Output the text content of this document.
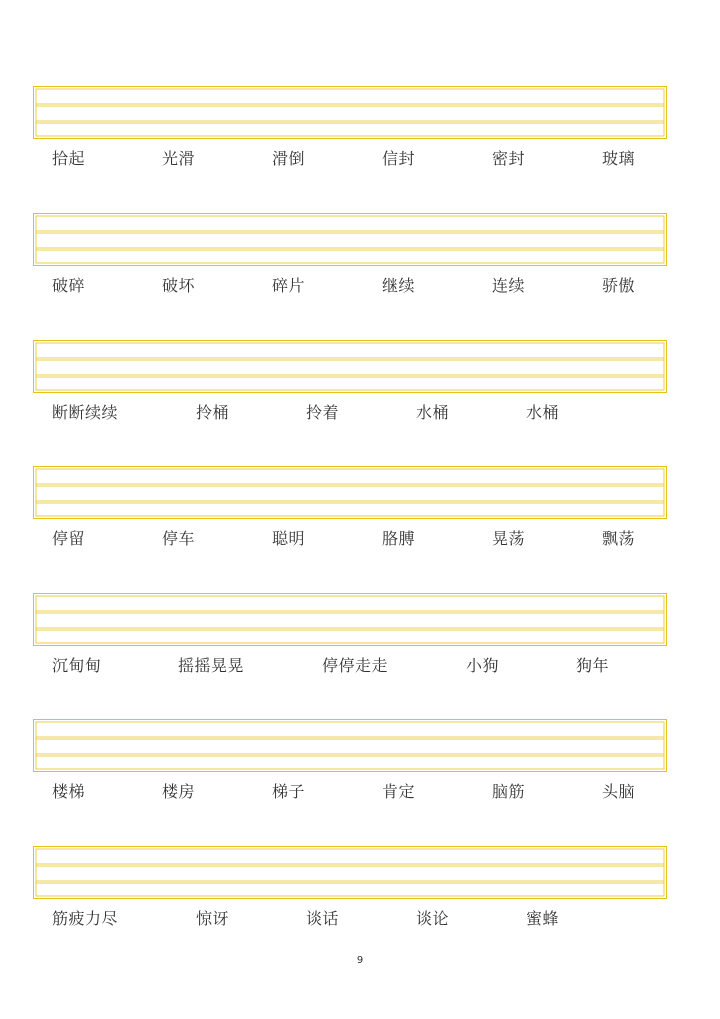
拾起	光滑	滑倒	信封	密封	玻璃
破碎	破坏	碎片	继续	连续	骄傲
断断续续	拎桶	拎着	水桶	水桶
停留	停车	聪明	胳膊	晃荡	飘荡
沉甸甸	摇摇晃晃	停停走走	小狗	狗年
楼梯	楼房	梯子	肯定	脑筋	头脑
筋疲力尽	惊讶	谈话	谈论	蜜蜂
9
